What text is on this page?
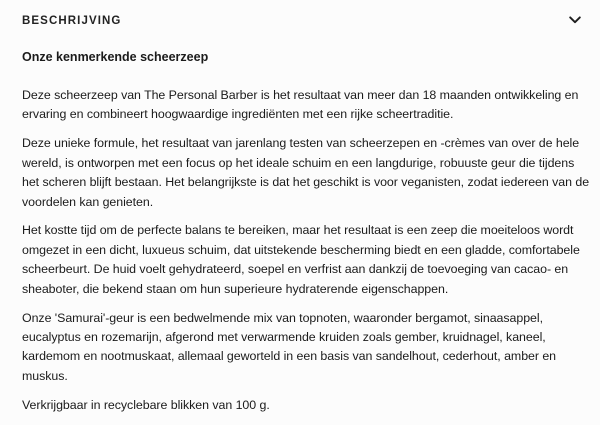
BESCHRIJVING
Onze kenmerkende scheerzeep

Deze scheerzeep van The Personal Barber is het resultaat van meer dan 18 maanden ontwikkeling en ervaring en combineert hoogwaardige ingrediënten met een rijke scheertraditie.

Deze unieke formule, het resultaat van jarenlang testen van scheerzepen en -crèmes van over de hele wereld, is ontworpen met een focus op het ideale schuim en een langdurige, robuuste geur die tijdens het scheren blijft bestaan. Het belangrijkste is dat het geschikt is voor veganisten, zodat iedereen van de voordelen kan genieten.

Het kostte tijd om de perfecte balans te bereiken, maar het resultaat is een zeep die moeiteloos wordt omgezet in een dicht, luxueus schuim, dat uitstekende bescherming biedt en een gladde, comfortabele scheerbeurt. De huid voelt gehydrateerd, soepel en verfrist aan dankzij de toevoeging van cacao- en sheaboter, die bekend staan om hun superieure hydraterende eigenschappen.

Onze 'Samurai'-geur is een bedwelmende mix van topnoten, waaronder bergamot, sinaasappel, eucalyptus en rozemarijn, afgerond met verwarmende kruiden zoals gember, kruidnagel, kaneel, kardemom en nootmuskaat, allemaal geworteld in een basis van sandelhout, cederhout, amber en muskus.

Verkrijgbaar in recyclebare blikken van 100 g.
